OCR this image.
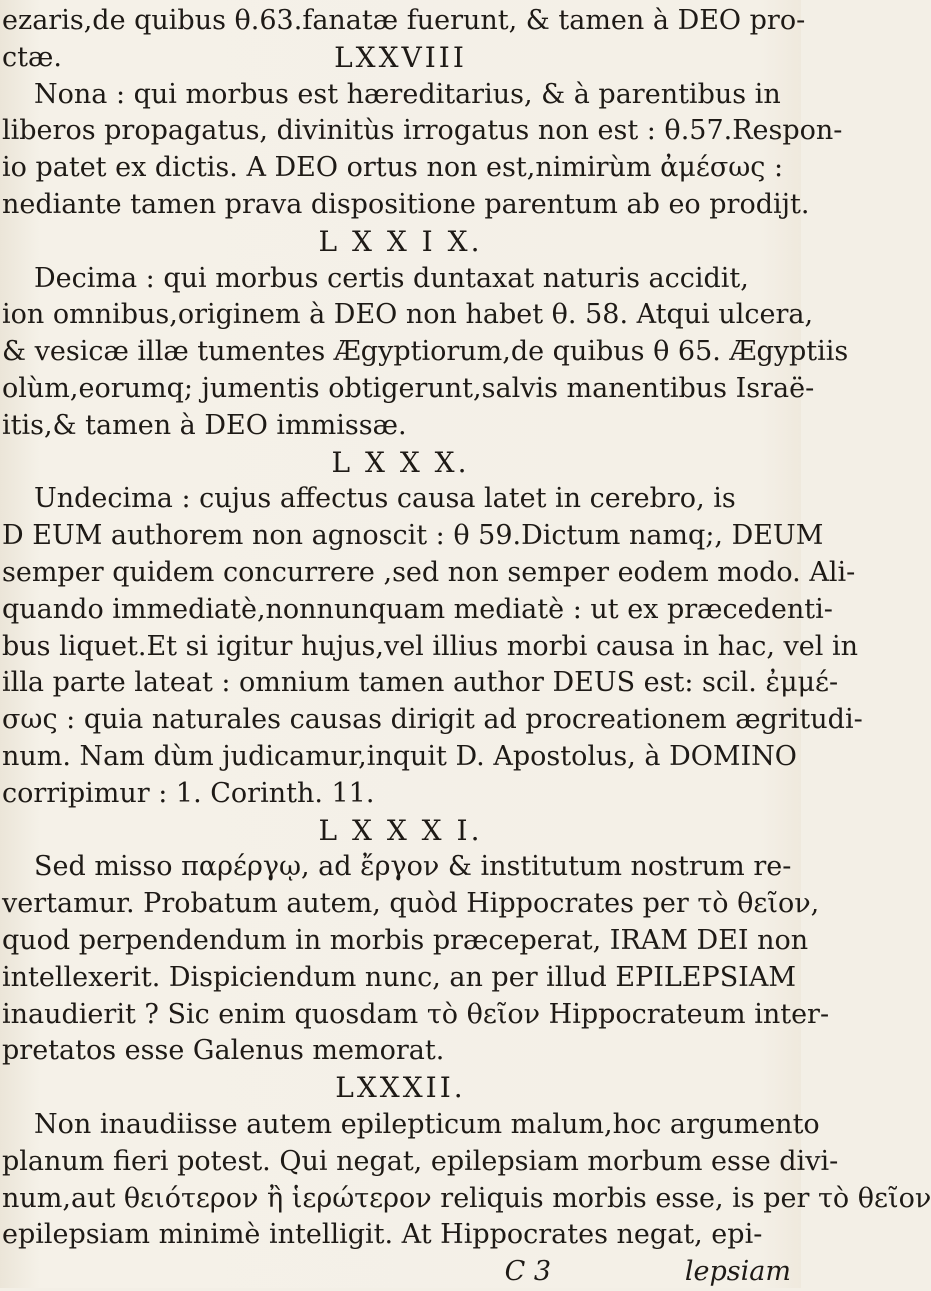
ezaris,de quibus θ.63.fanatæ fuerunt, & tamen à DEO pro-
ctæ.	LXXVIII
Nona : qui morbus est hæreditarius, & à parentibus in
liberos propagatus, divinitùs irrogatus non est : θ.57.Respon-
io patet ex dictis. A DEO ortus non est,nimirùm ἀμέσως :
nediante tamen prava dispositione parentum ab eo prodijt.
L X X I X.
Decima : qui morbus certis duntaxat naturis accidit,
ion omnibus,originem à DEO non habet θ. 58. Atqui ulcera,
& vesicæ illæ tumentes Ægyptiorum,de quibus θ 65. Ægyptiis
olùm,eorumq; jumentis obtigerunt,salvis manentibus Israë-
itis,& tamen à DEO immissæ.
L X X X.
Undecima : cujus affectus causa latet in cerebro, is
D EUM authorem non agnoscit : θ 59.Dictum namq;, DEUM
semper quidem concurrere ,sed non semper eodem modo. Ali-
quando immediatè,nonnunquam mediatè : ut ex præcedenti-
bus liquet.Et si igitur hujus,vel illius morbi causa in hac, vel in
illa parte lateat : omnium tamen author DEUS est: scil. ἐμμέ-
σως : quia naturales causas dirigit ad procreationem ægritudi-
num. Nam dùm judicamur,inquit D. Apostolus, à DOMINO
corripimur : 1. Corinth. 11.
L X X X I.
Sed misso παρέργῳ, ad ἔργον & institutum nostrum re-
vertamur. Probatum autem, quòd Hippocrates per τὸ θεῖον,
quod perpendendum in morbis præceperat, IRAM DEI non
intellexerit. Dispiciendum nunc, an per illud EPILEPSIAM
inaudierit ? Sic enim quosdam τὸ θεῖον Hippocrateum inter-
pretatos esse Galenus memorat.
LXXXII.
Non inaudiisse autem epilepticum malum,hoc argumento
planum fieri potest. Qui negat, epilepsiam morbum esse divi-
num,aut θειότερον ἢ ἱερώτερον reliquis morbis esse, is per τὸ θεῖον
epilepsiam minimè intelligit. At Hippocrates negat, epi-
C 3	lepsiam
